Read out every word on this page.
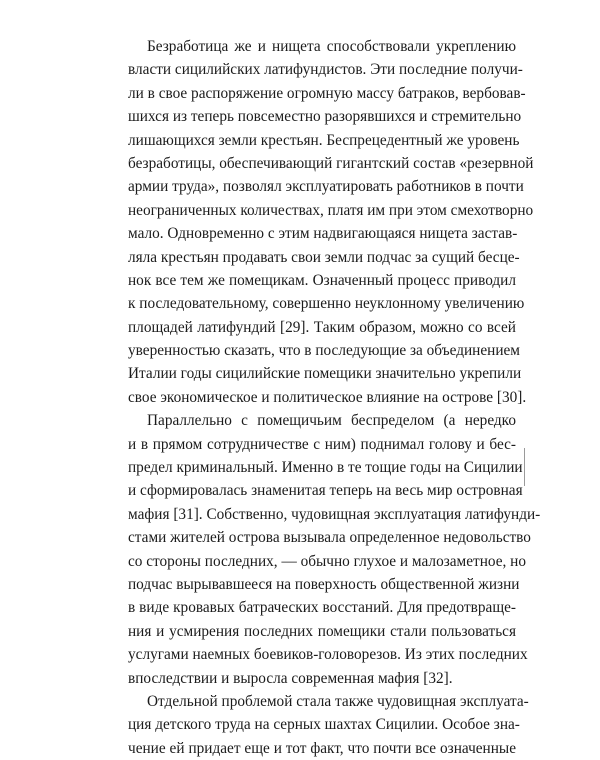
Безработица же и нищета способствовали укреплению
власти сицилийских латифундистов. Эти последние получи-
ли в свое распоряжение огромную массу батраков, вербовав-
шихся из теперь повсеместно разорявшихся и стремительно
лишающихся земли крестьян. Беспрецедентный же уровень
безработицы, обеспечивающий гигантский состав «резервной
армии труда», позволял эксплуатировать работников в почти
неограниченных количествах, платя им при этом смехотворно
мало. Одновременно с этим надвигающаяся нищета застав-
ляла крестьян продавать свои земли подчас за сущий бесце-
нок все тем же помещикам. Означенный процесс приводил
к последовательному, совершенно неуклонному увеличению
площадей латифундий [29]. Таким образом, можно со всей
уверенностью сказать, что в последующие за объединением
Италии годы сицилийские помещики значительно укрепили
свое экономическое и политическое влияние на острове [30].
Параллельно с помещичьим беспределом (а нередко
и в прямом сотрудничестве с ним) поднимал голову и бес-
предел криминальный. Именно в те тощие годы на Сицилии
и сформировалась знаменитая теперь на весь мир островная
мафия [31]. Собственно, чудовищная эксплуатация латифунди-
стами жителей острова вызывала определенное недовольство
со стороны последних, — обычно глухое и малозаметное, но
подчас вырывавшееся на поверхность общественной жизни
в виде кровавых батраческих восстаний. Для предотвраще-
ния и усмирения последних помещики стали пользоваться
услугами наемных боевиков-головорезов. Из этих последних
впоследствии и выросла современная мафия [32].
Отдельной проблемой стала также чудовищная эксплуата-
ция детского труда на серных шахтах Сицилии. Особое зна-
чение ей придает еще и тот факт, что почти все означенные
